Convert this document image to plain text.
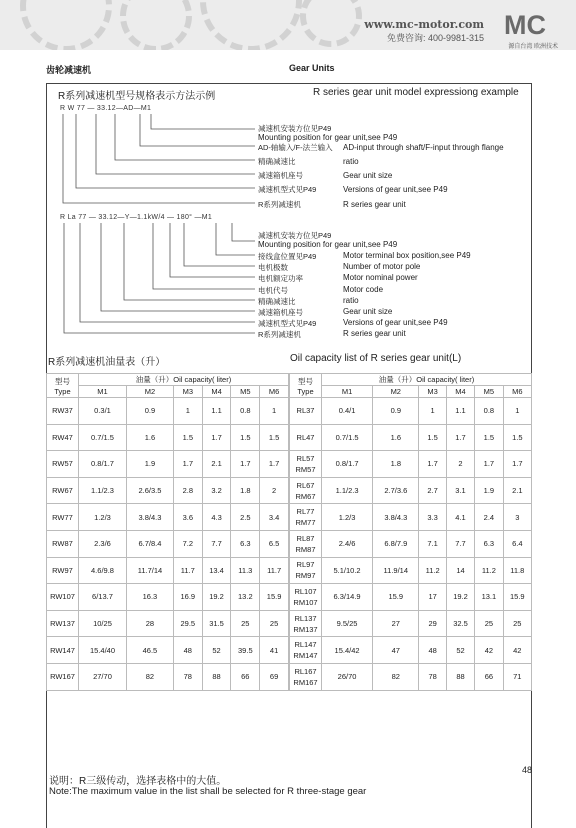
www.mc-motor.com
免费咨询: 400-9981-315 MC
源自台湾 欧洲技术
齿轮减速机	Gear Units
R系列减速机型号规格表示方法示例	R series gear unit model expressiong example
R W 77 — 33.12—AD—M1
减速机安装方位见P49
Mounting position for gear unit,see P49
AD-轴输入/F-法兰输入 AD-input through shaft/F-input through flange
精确减速比	ratio
减速箱机座号	Gear unit size
减速机型式见P49	Versions of gear unit,see P49
R系列减速机	R series gear unit
R La 77 — 33.12—Y—1.1kW/4 — 180° —M1
减速机安装方位见P49
Mounting position for gear unit,see P49
接线盒位置见P49	Motor terminal box position,see P49
电机极数	Number of motor pole
电机额定功率	Motor nominal power
电机代号	Motor code
精确减速比	ratio
减速箱机座号	Gear unit size
减速机型式见P49	Versions of gear unit,see P49
R系列减速机	R series gear unit
R系列减速机油量表（升）	Oil capacity list of R series gear unit(L)
型号Type	油量（升）Oil capacity( liter)					
	M1	M2	M3	M4	M5	M6

RW37	0.3/1	0.9	1	1.1	0.8	1

RW47	0.7/1.5	1.6	1.5	1.7	1.5	1.5

RW57	0.8/1.7	1.9	1.7	2.1	1.7	1.7

RW67	1.1/2.3	2.6/3.5	2.8	3.2	1.8	2

RW77	1.2/3	3.8/4.3	3.6	4.3	2.5	3.4

RW87	2.3/6	6.7/8.4	7.2	7.7	6.3	6.5

RW97	4.6/9.8	11.7/14	11.7	13.4	11.3	11.7

RW107	6/13.7	16.3	16.9	19.2	13.2	15.9

RW137	10/25	28	29.5	31.5	25	25

RW147	15.4/40	46.5	48	52	39.5	41

RW167	27/70	82	78	88	66	69
型号Type	油量（升）Oil capacity( liter)					
	M1	M2	M3	M4	M5	M6

RL37	0.4/1	0.9	1	1.1	0.8	1

RL47	0.7/1.5	1.6	1.5	1.7	1.5	1.5

RL57
RM57	0.8/1.7	1.8	1.7	2	1.7	1.7

RL67
RM67	1.1/2.3	2.7/3.6	2.7	3.1	1.9	2.1

RL77
RM77	1.2/3	3.8/4.3	3.3	4.1	2.4	3

RL87
RM87	2.4/6	6.8/7.9	7.1	7.7	6.3	6.4

RL97
RM97	5.1/10.2	11.9/14	11.2	14	11.2	11.8

RL107
RM107	6.3/14.9	15.9	17	19.2	13.1	15.9

RL137
RM137	9.5/25	27	29	32.5	25	25

RL147
RM147	15.4/42	47	48	52	42	42

RL167
RM167	26/70	82	78	88	66	71
说明：R三级传动，选择表格中的大值。
Note:The maximum value in the list shall be selected for R three-stage gear
48
